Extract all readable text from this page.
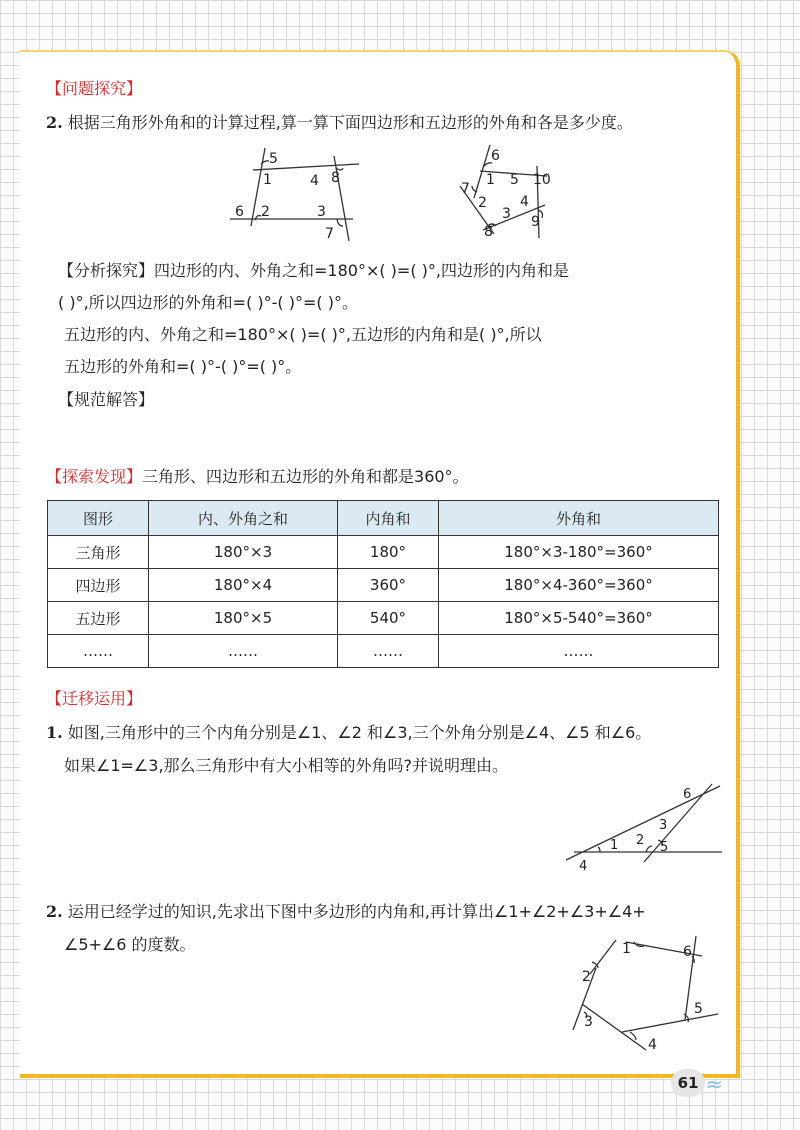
【问题探究】
2. 根据三角形外角和的计算过程,算一算下面四边形和五边形的外角和各是多少度。
5
1	4 8
6 2	3
7
6
1 5 10
7
2 4
3 9
8
【分析探究】四边形的内、外角之和=180°×( )=( )°,四边形的内角和是
( )°,所以四边形的外角和=( )°-( )°=( )°。
五边形的内、外角之和=180°×( )=( )°,五边形的内角和是( )°,所以
五边形的外角和=( )°-( )°=( )°。
【规范解答】
【探索发现】三角形、四边形和五边形的外角和都是360°。
图形	内、外角之和	内角和	外角和
三角形	180°×3	180°	180°×3-180°=360°
四边形	180°×4	360°	180°×4-360°=360°
五边形	180°×5	540°	180°×5-540°=360°
……	……	……	……
【迁移运用】
1. 如图,三角形中的三个内角分别是∠1、∠2 和∠3,三个外角分别是∠4、∠5 和∠6。
如果∠1=∠3,那么三角形中有大小相等的外角吗?并说明理由。
6
3
1 2 5
4
2. 运用已经学过的知识,先求出下图中多边形的内角和,再计算出∠1+∠2+∠3+∠4+
∠5+∠6 的度数。	1	6
2
5
3
4
61 ≈
